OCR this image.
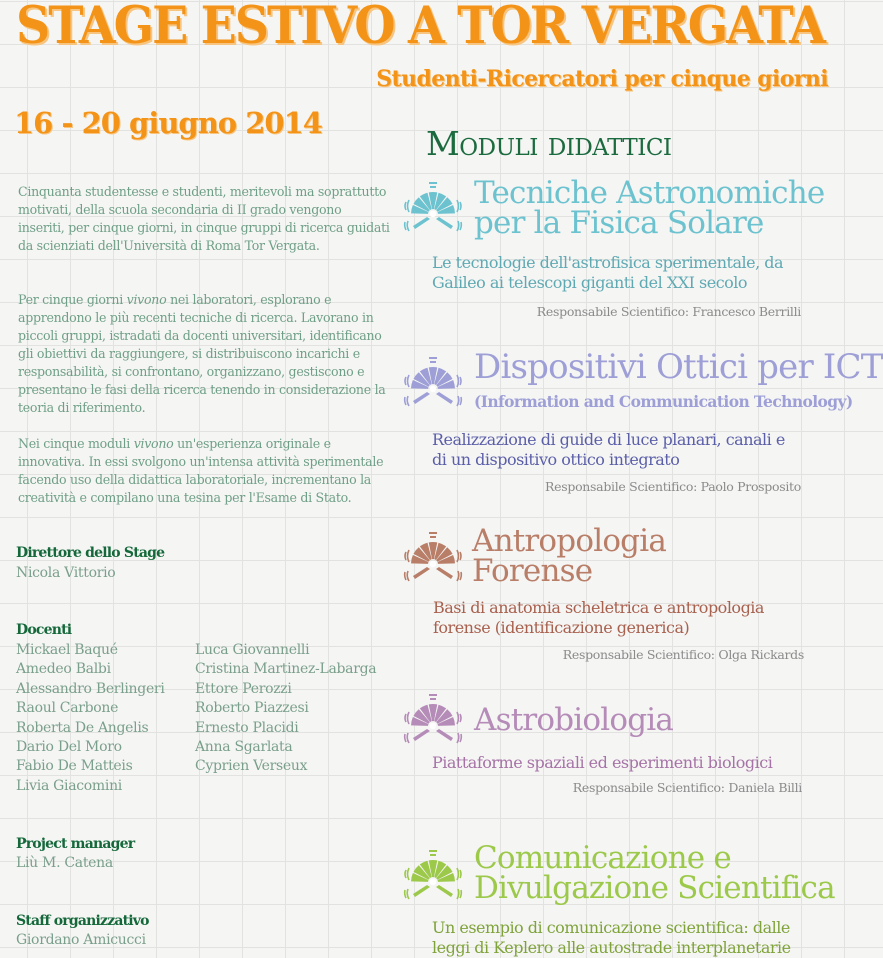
STAGE ESTIVO A TOR VERGATA
Studenti-Ricercatori per cinque giorni
16 - 20 giugno 2014
Cinquanta studentesse e studenti, meritevoli ma soprattutto motivati, della scuola secondaria di II grado vengono inseriti, per cinque giorni, in cinque gruppi di ricerca guidati da scienziati dell'Università di Roma Tor Vergata.
Per cinque giorni vivono nei laboratori, esplorano e apprendono le più recenti tecniche di ricerca. Lavorano in piccoli gruppi, istradati da docenti universitari, identificano gli obiettivi da raggiungere, si distribuiscono incarichi e responsabilità, si confrontano, organizzano, gestiscono e presentano le fasi della ricerca tenendo in considerazione la teoria di riferimento.
Nei cinque moduli vivono un'esperienza originale e innovativa. In essi svolgono un'intensa attività sperimentale facendo uso della didattica laboratoriale, incrementano la creatività e compilano una tesina per l'Esame di Stato.
Direttore dello Stage
Nicola Vittorio
Docenti
Mickael Baqué
Amedeo Balbi
Alessandro Berlingeri
Raoul Carbone
Roberta De Angelis
Dario Del Moro
Fabio De Matteis
Livia Giacomini
Luca Giovannelli
Cristina Martinez-Labarga
Ettore Perozzi
Roberto Piazzesi
Ernesto Placidi
Anna Sgarlata
Cyprien Verseux
Project manager
Liù M. Catena
Staff organizzativo
Giordano Amicucci
Moduli didattici
Tecniche Astronomiche
per la Fisica Solare
Le tecnologie dell'astrofisica sperimentale, da
Galileo ai telescopi giganti del XXI secolo
Responsabile Scientifico: Francesco Berrilli
Dispositivi Ottici per ICT
(Information and Communication Technology)
Realizzazione di guide di luce planari, canali e
di un dispositivo ottico integrato
Responsabile Scientifico: Paolo Prosposito
Antropologia
Forense
Basi di anatomia scheletrica e antropologia
forense (identificazione generica)
Responsabile Scientifico: Olga Rickards
Astrobiologia
Piattaforme spaziali ed esperimenti biologici
Responsabile Scientifico: Daniela Billi
Comunicazione e
Divulgazione Scientifica
Un esempio di comunicazione scientifica: dalle
leggi di Keplero alle autostrade interplanetarie
